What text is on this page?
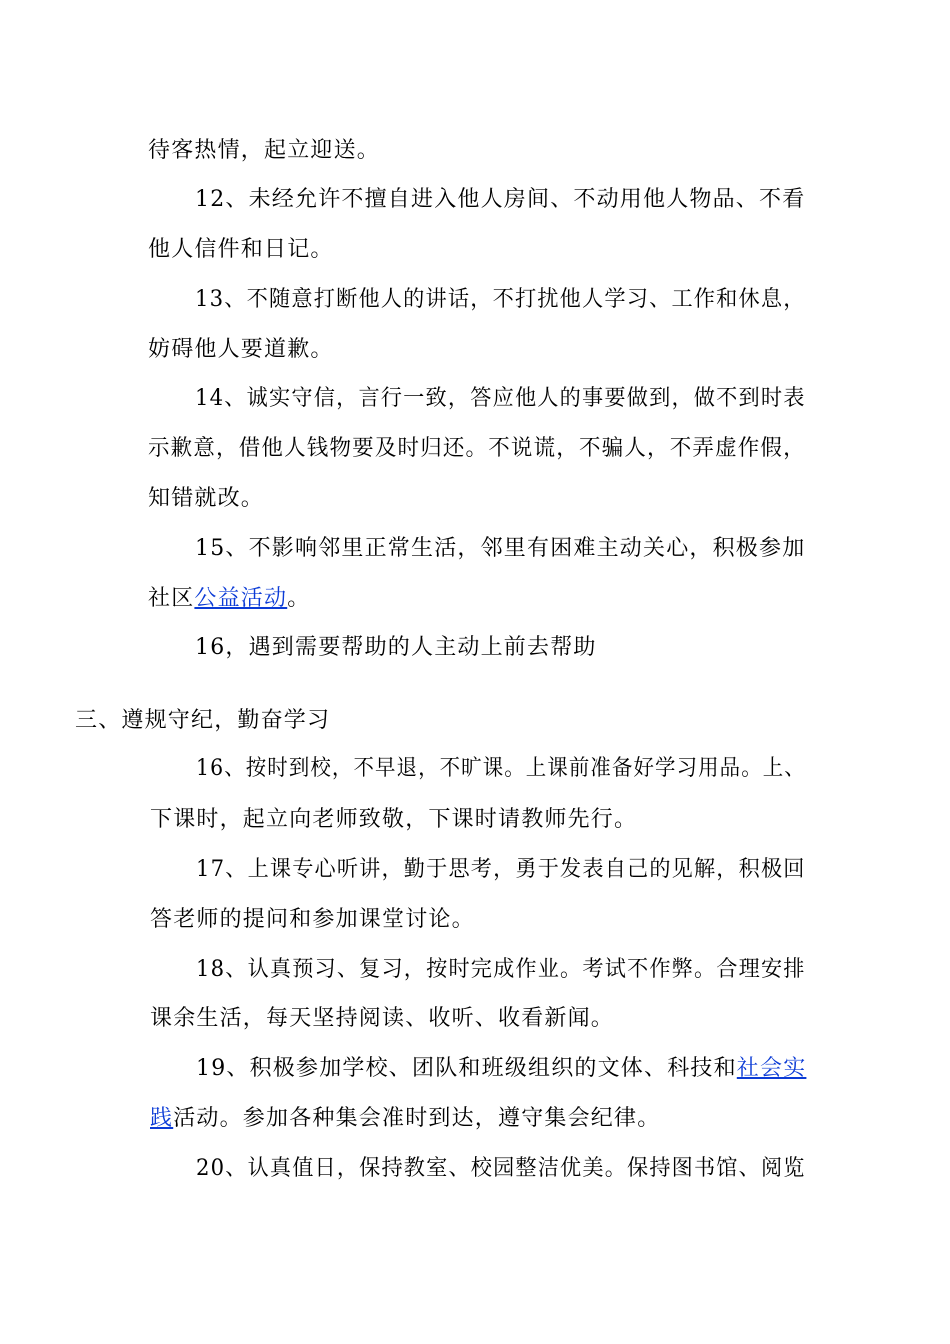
待客热情，起立迎送。
12、未经允许不擅自进入他人房间、不动用他人物品、不看
他人信件和日记。
13、不随意打断他人的讲话，不打扰他人学习、工作和休息，
妨碍他人要道歉。
14、诚实守信，言行一致，答应他人的事要做到，做不到时表
示歉意，借他人钱物要及时归还。不说谎，不骗人，不弄虚作假，
知错就改。
15、不影响邻里正常生活，邻里有困难主动关心，积极参加
社区公益活动。
16，遇到需要帮助的人主动上前去帮助
三、遵规守纪，勤奋学习
16、按时到校，不早退，不旷课。上课前准备好学习用品。上、
下课时，起立向老师致敬，下课时请教师先行。
17、上课专心听讲，勤于思考，勇于发表自己的见解，积极回
答老师的提问和参加课堂讨论。
18、认真预习、复习，按时完成作业。考试不作弊。合理安排
课余生活，每天坚持阅读、收听、收看新闻。
19、积极参加学校、团队和班级组织的文体、科技和社会实
践活动。参加各种集会准时到达，遵守集会纪律。
20、认真值日，保持教室、校园整洁优美。保持图书馆、阅览
